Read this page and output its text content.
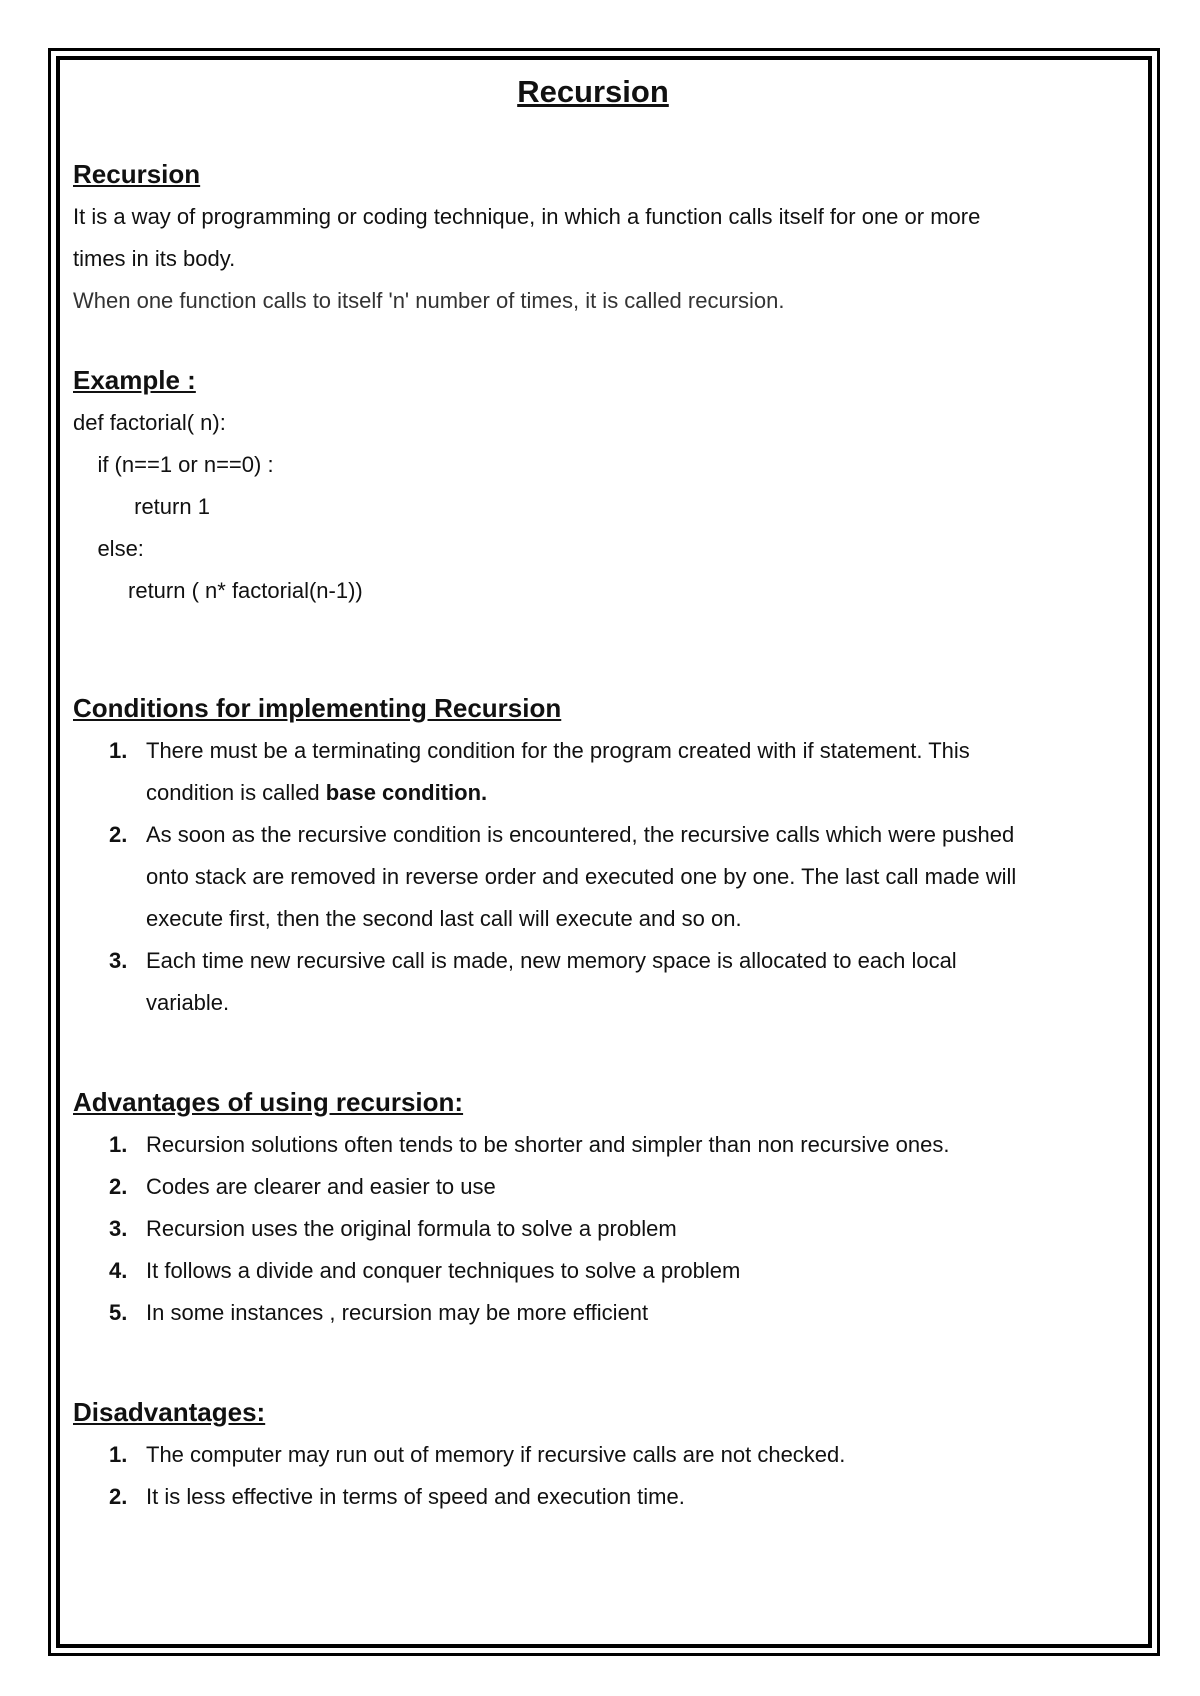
Recursion
Recursion

It is a way of programming or coding technique, in which a function calls itself for one or more

times in its body.

When one function calls to itself 'n' number of times, it is called recursion.

Example :

def factorial( n):

if (n==1 or n==0) :

return 1

else:

return ( n* factorial(n-1))

Conditions for implementing Recursion
1. There must be a terminating condition for the program created with if statement. This
condition is called base condition.
2. As soon as the recursive condition is encountered, the recursive calls which were pushed
onto stack are removed in reverse order and executed one by one. The last call made will
execute first, then the second last call will execute and so on.
3. Each time new recursive call is made, new memory space is allocated to each local
variable.
Advantages of using recursion:
1. Recursion solutions often tends to be shorter and simpler than non recursive ones.
2. Codes are clearer and easier to use
3. Recursion uses the original formula to solve a problem
4. It follows a divide and conquer techniques to solve a problem
5. In some instances , recursion may be more efficient
Disadvantages:
1. The computer may run out of memory if recursive calls are not checked.
2. It is less effective in terms of speed and execution time.
